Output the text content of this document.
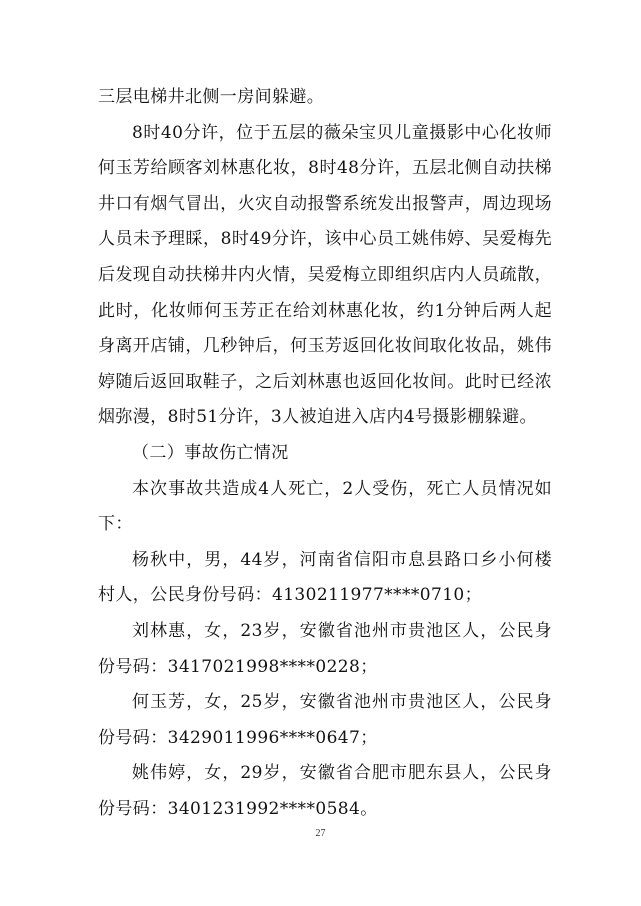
三层电梯井北侧一房间躲避。

8时40分许，位于五层的薇朵宝贝儿童摄影中心化妆师何玉芳给顾客刘林惠化妆，8时48分许，五层北侧自动扶梯井口有烟气冒出，火灾自动报警系统发出报警声，周边现场人员未予理睬，8时49分许，该中心员工姚伟婷、吴爱梅先后发现自动扶梯井内火情，吴爱梅立即组织店内人员疏散，此时，化妆师何玉芳正在给刘林惠化妆，约1分钟后两人起身离开店铺，几秒钟后，何玉芳返回化妆间取化妆品，姚伟婷随后返回取鞋子，之后刘林惠也返回化妆间。此时已经浓烟弥漫，8时51分许，3人被迫进入店内4号摄影棚躲避。

（二）事故伤亡情况

本次事故共造成4人死亡，2人受伤，死亡人员情况如下：

杨秋中，男，44岁，河南省信阳市息县路口乡小何楼村人，公民身份号码：4130211977****0710；

刘林惠，女，23岁，安徽省池州市贵池区人，公民身份号码：3417021998****0228；

何玉芳，女，25岁，安徽省池州市贵池区人，公民身份号码：3429011996****0647；

姚伟婷，女，29岁，安徽省合肥市肥东县人，公民身份号码：3401231992****0584。

27
